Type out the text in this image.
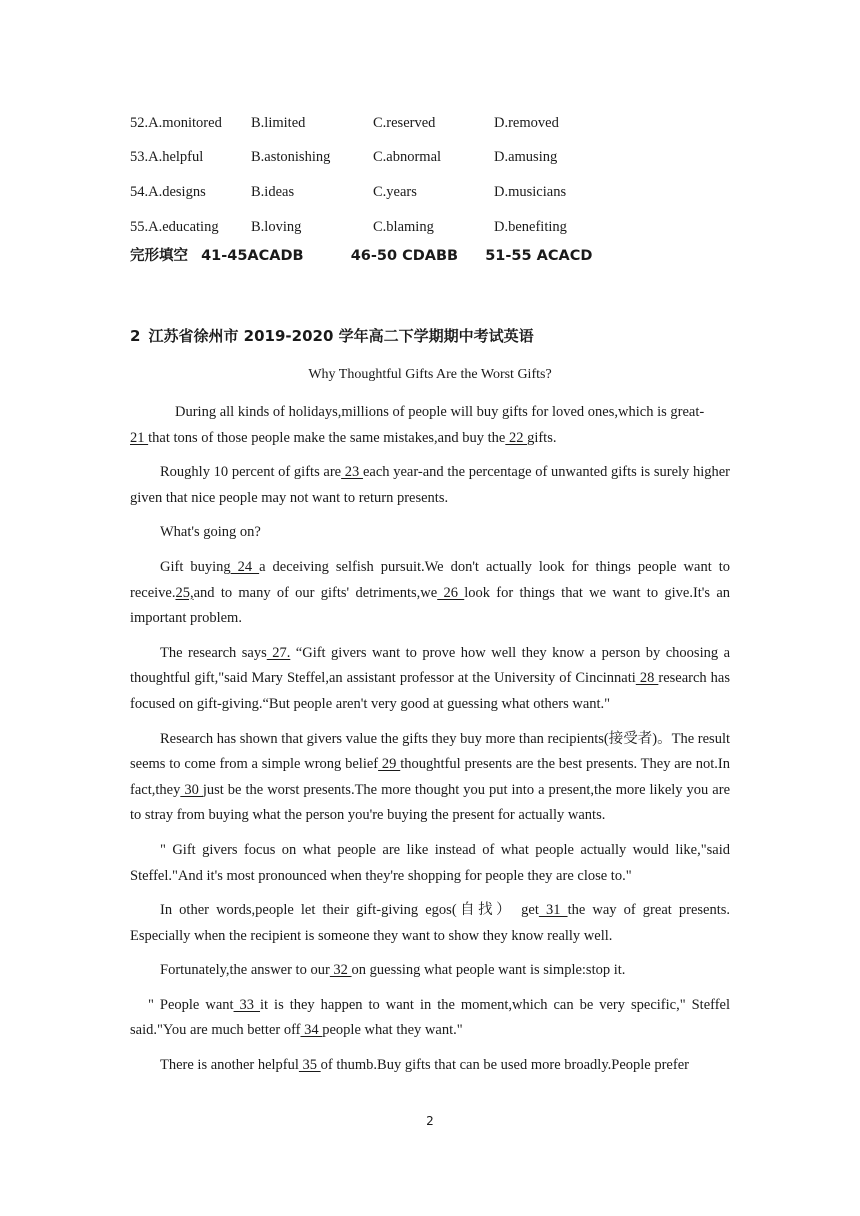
52.A.monitored	B.limited	C.reserved	D.removed
53.A.helpful	B.astonishing	C.abnormal	D.amusing
54.A.designs	B.ideas	C.years	D.musicians
55.A.educating	B.loving	C.blaming	D.benefiting
完形填空 41-45ACADB	46-50 CDABB 51-55 ACACD
2 江苏省徐州市 2019-2020 学年高二下学期期中考试英语
Why Thoughtful Gifts Are the Worst Gifts?

During all kinds of holidays,millions of people will buy gifts for loved ones,which is great-
21 that tons of those people make the same mistakes,and buy the 22 gifts.

Roughly 10 percent of gifts are 23 each year-and the percentage of unwanted gifts is surely higher given that nice people may not want to return presents.

What's going on?

Gift buying 24 a deceiving selfish pursuit.We don't actually look for things people want to receive.25,and to many of our gifts' detriments,we 26 look for things that we want to give.It's an important problem.

The research says 27. “Gift givers want to prove how well they know a person by choosing a thoughtful gift,"said Mary Steffel,an assistant professor at the University of Cincinnati 28 research has focused on gift-giving.“But people aren't very good at guessing what others want."

Research has shown that givers value the gifts they buy more than recipients(接受者)。The result seems to come from a simple wrong belief 29 thoughtful presents are the best presents. They are not.In fact,they 30 just be the worst presents.The more thought you put into a present,the more likely you are to stray from buying what the person you're buying the present for actually wants.

" Gift givers focus on what people are like instead of what people actually would like,"said Steffel."And it's most pronounced when they're shopping for people they are close to."

In other words,people let their gift-giving egos(自找） get 31 the way of great presents. Especially when the recipient is someone they want to show they know really well.

Fortunately,the answer to our 32 on guessing what people want is simple:stop it.

" People want 33 it is they happen to want in the moment,which can be very specific," Steffel said."You are much better off 34 people what they want."

There is another helpful 35 of thumb.Buy gifts that can be used more broadly.People prefer

2
